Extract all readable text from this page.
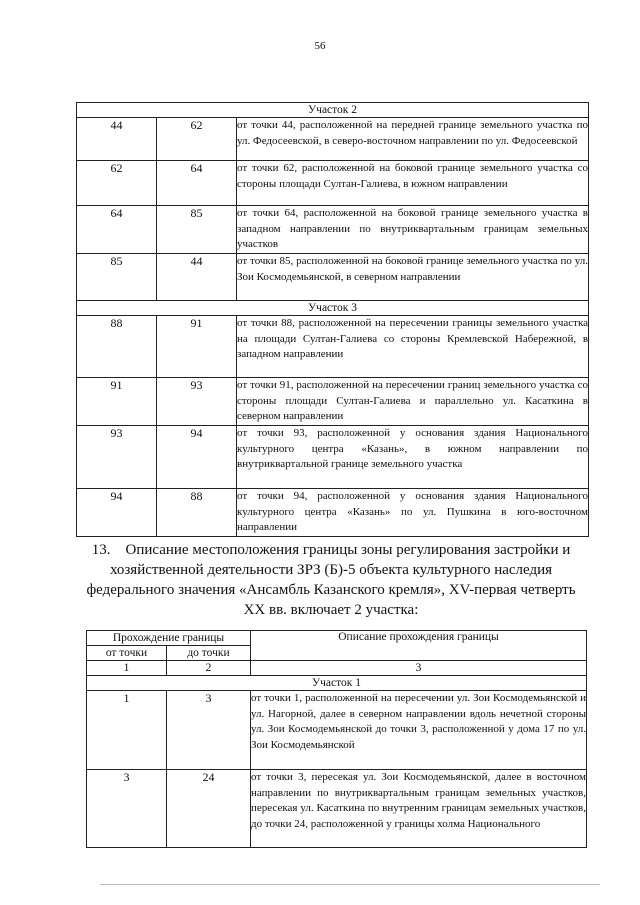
56
Участок 2		
44	62	от точки 44, расположенной на передней границе земельного участка по ул. Федосеевской, в северо-восточном направлении по ул. Федосеевской
62	64	от точки 62, расположенной на боковой границе земельного участка со стороны площади Султан-Галиева, в южном направлении
64	85	от точки 64, расположенной на боковой границе земельного участка в западном направлении по внутриквартальным границам земельных участков
85	44	от точки 85, расположенной на боковой границе земельного участка по ул. Зои Космодемьянской, в северном направлении
Участок 3		
88	91	от точки 88, расположенной на пересечении границы земельного участка на площади Султан-Галиева со стороны Кремлевской Набережной, в западном направлении
91	93	от точки 91, расположенной на пересечении границ земельного участка со стороны площади Султан-Галиева и параллельно ул. Касаткина в северном направлении
93	94	от точки 93, расположенной у основания здания Национального культурного центра «Казань», в южном направлении по внутриквартальной границе земельного участка
94	88	от точки 94, расположенной у основания здания Национального культурного центра «Казань» по ул. Пушкина в юго-восточном направлении
13. Описание местоположения границы зоны регулирования застройки и хозяйственной деятельности ЗРЗ (Б)-5 объекта культурного наследия федерального значения «Ансамбль Казанского кремля», XV-первая четверть XX вв. включает 2 участка:
Прохождение границы		Описание прохождения границы
от точки	до точки	
1	2	3
Участок 1		
1	3	от точки 1, расположенной на пересечении ул. Зои Космодемьянской и ул. Нагорной, далее в северном направлении вдоль нечетной стороны ул. Зои Космодемьянской до точки 3, расположенной у дома 17 по ул. Зои Космодемьянской
3	24	от точки 3, пересекая ул. Зои Космодемьянской, далее в восточном направлении по внутриквартальным границам земельных участков, пересекая ул. Касаткина по внутренним границам земельных участков, до точки 24, расположенной у границы холма Национального
